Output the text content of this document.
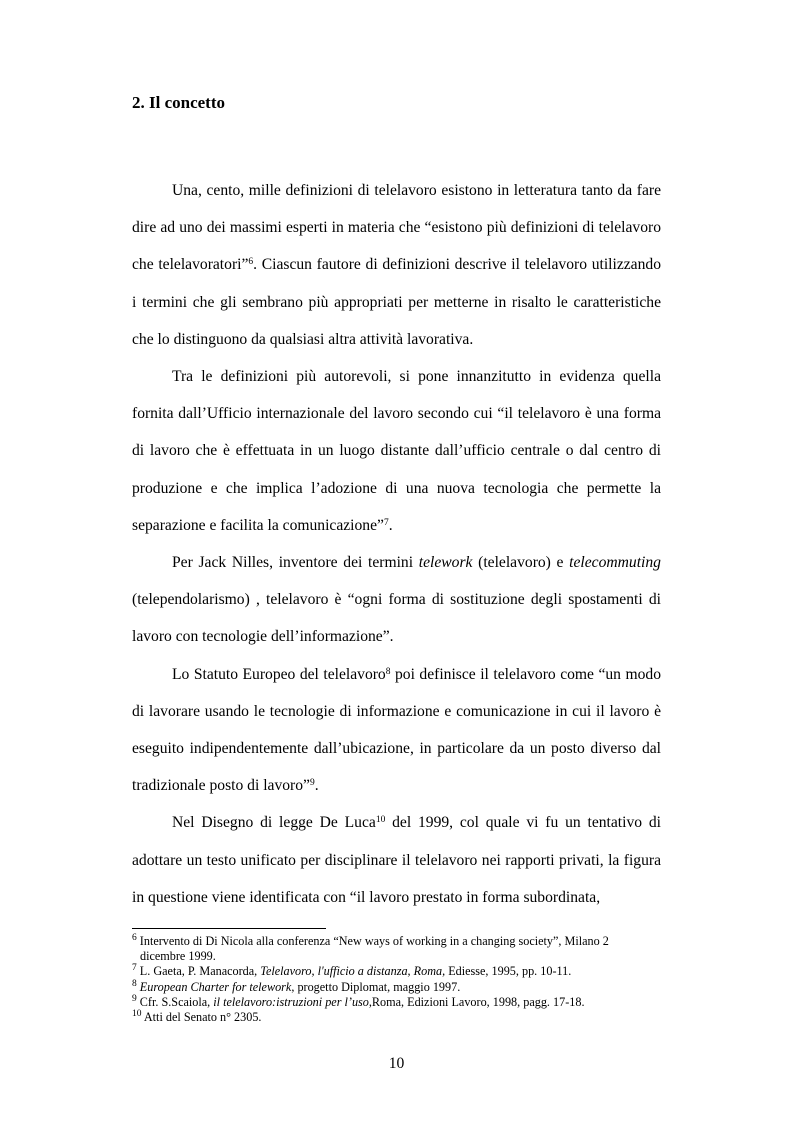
2. Il concetto

Una, cento, mille definizioni di telelavoro esistono in letteratura tanto da fare dire ad uno dei massimi esperti in materia che “esistono più definizioni di telelavoro che telelavoratori”$^6$. Ciascun fautore di definizioni descrive il telelavoro utilizzando i termini che gli sembrano più appropriati per metterne in risalto le caratteristiche che lo distinguono da qualsiasi altra attività lavorativa.

Tra le definizioni più autorevoli, si pone innanzitutto in evidenza quella fornita dall’Ufficio internazionale del lavoro secondo cui “il telelavoro è una forma di lavoro che è effettuata in un luogo distante dall’ufficio centrale o dal centro di produzione e che implica l’adozione di una nuova tecnologia che permette la separazione e facilita la comunicazione”$^7$.

Per Jack Nilles, inventore dei termini telework (telelavoro) e telecommuting (telependolarismo) , telelavoro è “ogni forma di sostituzione degli spostamenti di lavoro con tecnologie dell’informazione”.

Lo Statuto Europeo del telelavoro$^8$ poi definisce il telelavoro come “un modo di lavorare usando le tecnologie di informazione e comunicazione in cui il lavoro è eseguito indipendentemente dall’ubicazione, in particolare da un posto diverso dal tradizionale posto di lavoro”$^9$.

Nel Disegno di legge De Luca$^{10}$ del 1999, col quale vi fu un tentativo di adottare un testo unificato per disciplinare il telelavoro nei rapporti privati, la figura in questione viene identificata con “il lavoro prestato in forma subordinata,

$^6$ Intervento di Di Nicola alla conferenza “New ways of working in a changing society”, Milano 2
dicembre 1999.

$^7$ L. Gaeta, P. Manacorda, Telelavoro, l'ufficio a distanza, Roma, Ediesse, 1995, pp. 10-11.

$^8$ European Charter for telework, progetto Diplomat, maggio 1997.

$^9$ Cfr. S.Scaiola, il telelavoro:istruzioni per l’uso,Roma, Edizioni Lavoro, 1998, pagg. 17-18.

$^{10}$ Atti del Senato n° 2305.

10
